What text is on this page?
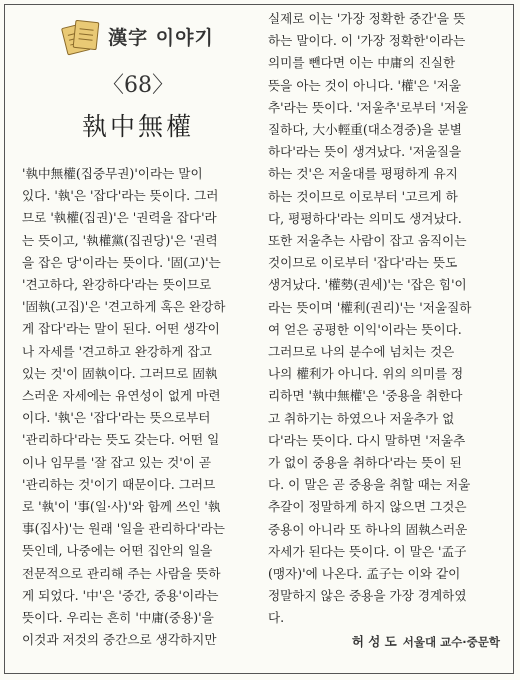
漢字 이야기
〈68〉
執中無權
'執中無權(집중무권)'이라는 말이
있다. '執'은 '잡다'라는 뜻이다. 그러
므로 '執權(집권)'은 '권력을 잡다'라
는 뜻이고, '執權黨(집권당)'은 '권력
을 잡은 당'이라는 뜻이다. '固(고)'는
'견고하다, 완강하다'라는 뜻이므로
'固執(고집)'은 '견고하게 혹은 완강하
게 잡다'라는 말이 된다. 어떤 생각이
나 자세를 '견고하고 완강하게 잡고
있는 것'이 固執이다. 그러므로 固執
스러운 자세에는 유연성이 없게 마련
이다. '執'은 '잡다'라는 뜻으로부터
'관리하다'라는 뜻도 갖는다. 어떤 일
이나 임무를 '잘 잡고 있는 것'이 곧
'관리하는 것'이기 때문이다. 그러므
로 '執'이 '事(일·사)'와 함께 쓰인 '執
事(집사)'는 원래 '일을 관리하다'라는
뜻인데, 나중에는 어떤 집안의 일을
전문적으로 관리해 주는 사람을 뜻하
게 되었다. '中'은 '중간, 중용'이라는
뜻이다. 우리는 흔히 '中庸(중용)'을
이것과 저것의 중간으로 생각하지만
실제로 이는 '가장 정확한 중간'을 뜻
하는 말이다. 이 '가장 정확한'이라는
의미를 뺀다면 이는 中庸의 진실한
뜻을 아는 것이 아니다. '權'은 '저울
추'라는 뜻이다. '저울추'로부터 '저울
질하다, 大小輕重(대소경중)을 분별
하다'라는 뜻이 생겨났다. '저울질을
하는 것'은 저울대를 평평하게 유지
하는 것이므로 이로부터 '고르게 하
다, 평평하다'라는 의미도 생겨났다.
또한 저울추는 사람이 잡고 움직이는
것이므로 이로부터 '잡다'라는 뜻도
생겨났다. '權勢(권세)'는 '잡은 힘'이
라는 뜻이며 '權利(권리)'는 '저울질하
여 얻은 공평한 이익'이라는 뜻이다.
그러므로 나의 분수에 넘치는 것은
나의 權利가 아니다. 위의 의미를 정
리하면 '執中無權'은 '중용을 취한다
고 취하기는 하였으나 저울추가 없
다'라는 뜻이다. 다시 말하면 '저울추
가 없이 중용을 취하다'라는 뜻이 된
다. 이 말은 곧 중용을 취할 때는 저울
추갈이 정말하게 하지 않으면 그것은
중용이 아니라 또 하나의 固執스러운
자세가 된다는 뜻이다. 이 말은 '孟子
(맹자)'에 나온다. 孟子는 이와 같이
정말하지 않은 중용을 가장 경계하였
다.
허 성 도 서울대 교수·중문학
